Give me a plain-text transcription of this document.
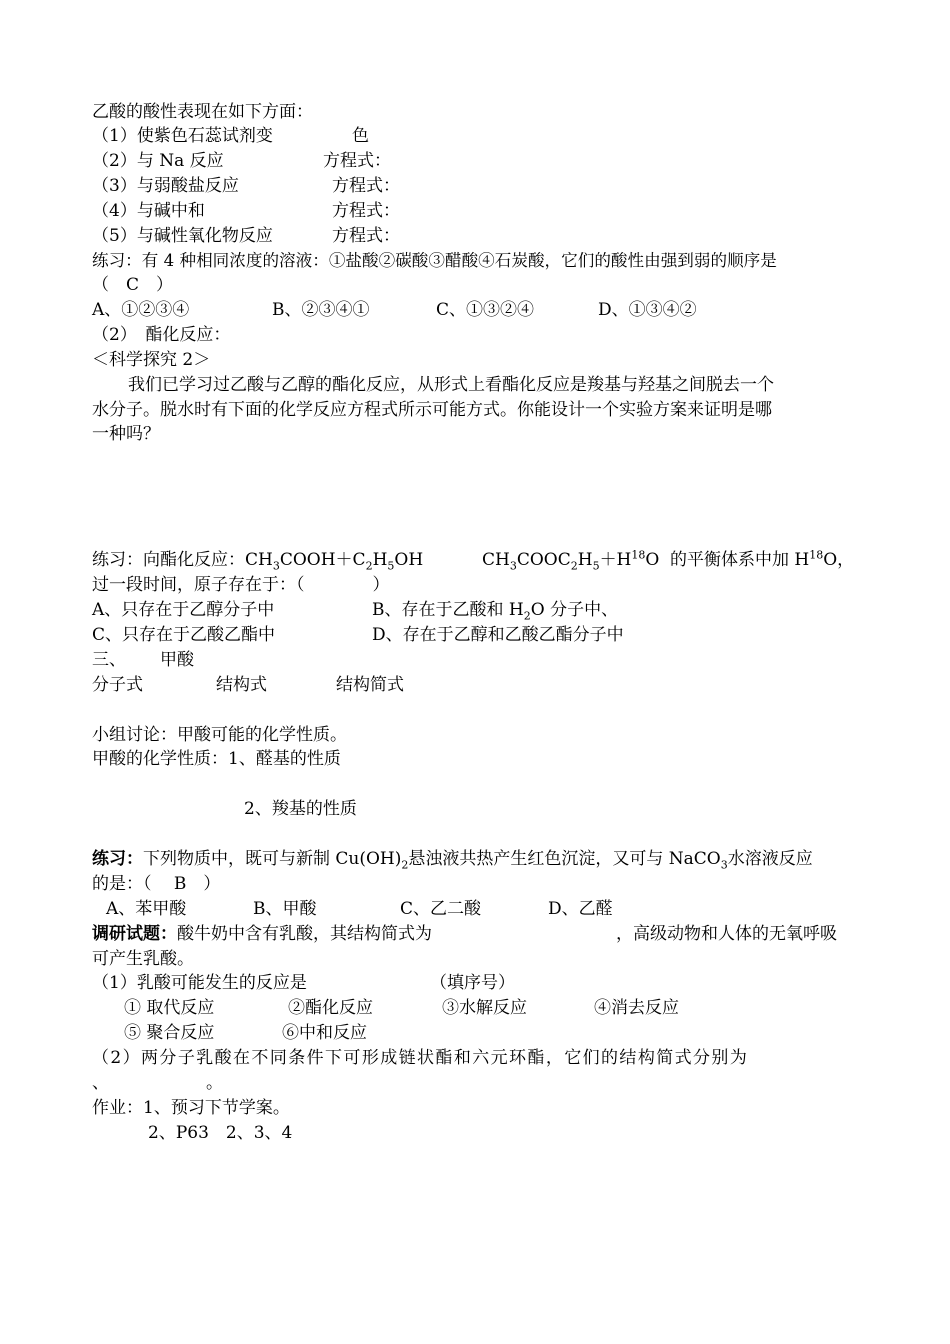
乙酸的酸性表现在如下方面：
（1）使紫色石蕊试剂变	色
（2）与 Na 反应	方程式：
（3）与弱酸盐反应	方程式：
（4）与碱中和	方程式：
（5）与碱性氧化物反应	方程式：
练习：有 4 种相同浓度的溶液：①盐酸②碳酸③醋酸④石炭酸，它们的酸性由强到弱的顺序是
（　C　）
A、①②③④	B、②③④①	C、①③②④	D、①③④②
（2）　酯化反应：
＜科学探究 2＞
我们已学习过乙酸与乙醇的酯化反应，从形式上看酯化反应是羧基与羟基之间脱去一个
水分子。脱水时有下面的化学反应方程式所示可能方式。你能设计一个实验方案来证明是哪
一种吗？
练习：向酯化反应：$CH_3COOH+C_2H_5OH$	$CH_3COOC_2H_5+H^{18}O$ 的平衡体系中加 $H^{18}O$，
过一段时间，原子存在于：（　　　　）
A、只存在于乙醇分子中	B、存在于乙酸和 $H_2O$ 分子中、
C、只存在于乙酸乙酯中	D、存在于乙醇和乙酸乙酯分子中
三、 甲酸
分子式	结构式	结构简式
小组讨论：甲酸可能的化学性质。
甲酸的化学性质：1、醛基的性质
2、羧基的性质
练习：下列物质中，既可与新制 $Cu(OH)_2$悬浊液共热产生红色沉淀，又可与 NaCO$_3$水溶液反应
的是：（　 B　）
A、苯甲酸	B、甲酸	C、乙二酸	D、乙醛
调研试题：酸牛奶中含有乳酸，其结构简式为	，高级动物和人体的无氧呼吸
可产生乳酸。
（1）乳酸可能发生的反应是	（填序号）
① 取代反应	②酯化反应	③水解反应	④消去反应
⑤ 聚合反应	⑥中和反应
（2）两分子乳酸在不同条件下可形成链状酯和六元环酯，它们的结构简式分别为
、	。
作业：1、预习下节学案。
2、P63　2、3、4
